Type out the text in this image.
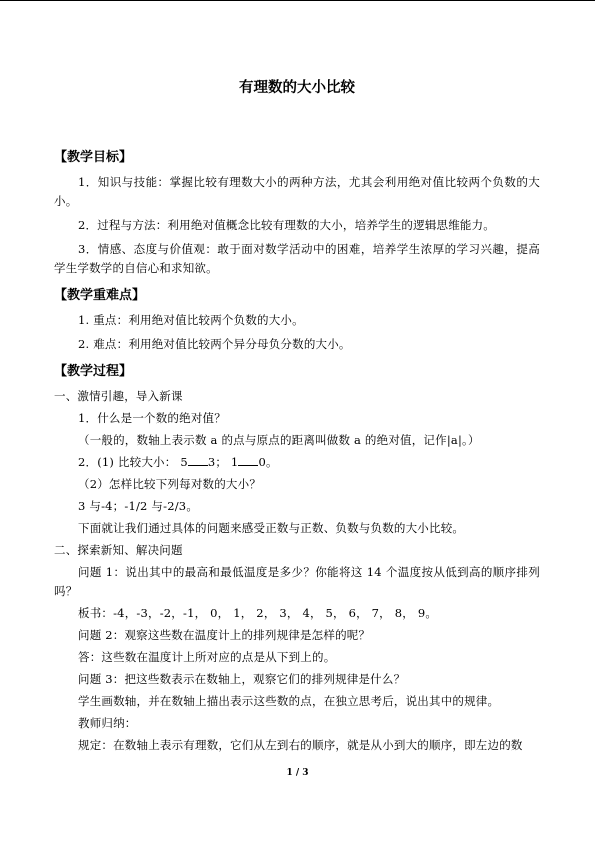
有理数的大小比较
【教学目标】

1．知识与技能：掌握比较有理数大小的两种方法，尤其会利用绝对值比较两个负数的大小。

2．过程与方法：利用绝对值概念比较有理数的大小，培养学生的逻辑思维能力。

3．情感、态度与价值观：敢于面对数学活动中的困难，培养学生浓厚的学习兴趣，提高学生学数学的自信心和求知欲。

【教学重难点】

1. 重点：利用绝对值比较两个负数的大小。

2. 难点：利用绝对值比较两个异分母负分数的大小。

【教学过程】

一、激情引趣，导入新课

1．什么是一个数的绝对值？

（一般的，数轴上表示数 a 的点与原点的距离叫做数 a 的绝对值，记作|a|。）

2．(1) 比较大小： 5 3； 1 0。

（2）怎样比较下列每对数的大小？

3 与-4；-1/2 与-2/3。

下面就让我们通过具体的问题来感受正数与正数、负数与负数的大小比较。

二、探索新知、解决问题

问题 1：说出其中的最高和最低温度是多少？你能将这 14 个温度按从低到高的顺序排列吗？

板书：-4，-3，-2，-1， 0， 1， 2， 3， 4， 5， 6， 7， 8， 9。

问题 2：观察这些数在温度计上的排列规律是怎样的呢？

答：这些数在温度计上所对应的点是从下到上的。

问题 3：把这些数表示在数轴上，观察它们的排列规律是什么？

学生画数轴，并在数轴上描出表示这些数的点，在独立思考后，说出其中的规律。

教师归纳：

规定：在数轴上表示有理数，它们从左到右的顺序，就是从小到大的顺序，即左边的数

1 / 3
